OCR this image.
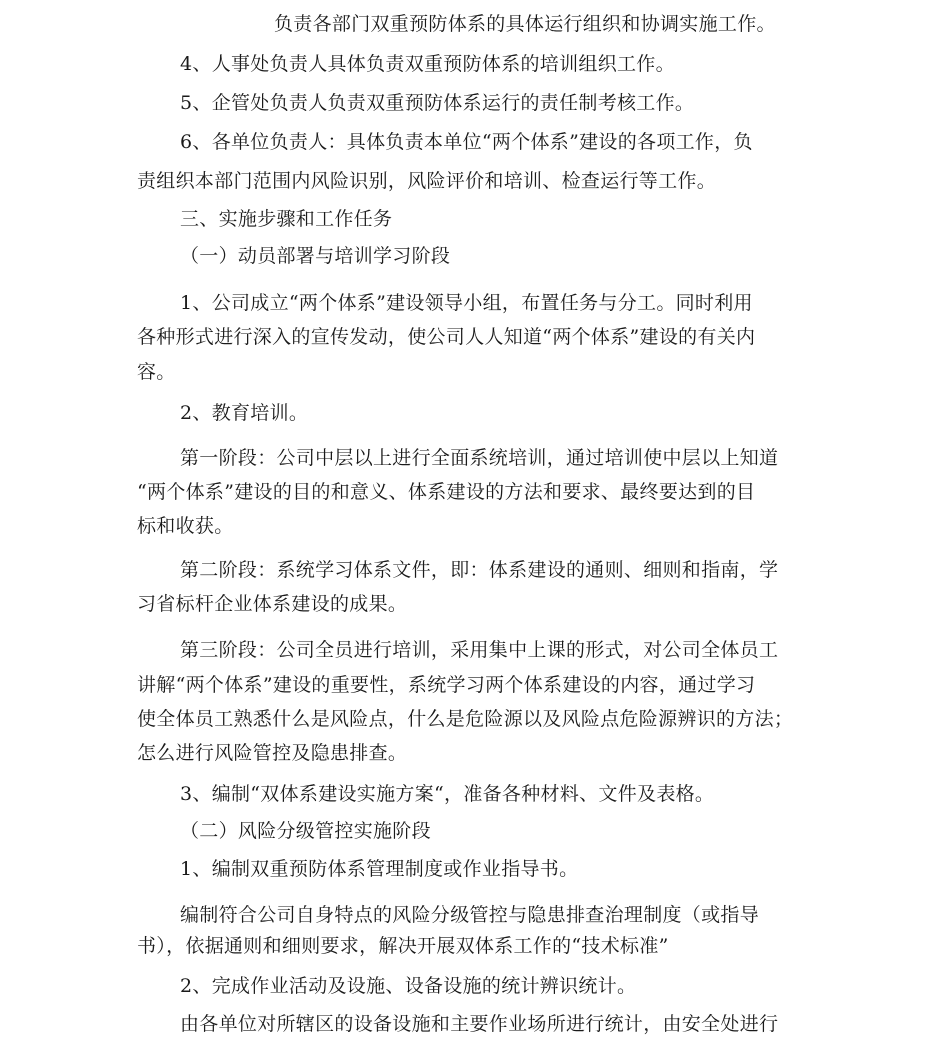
负责各部门双重预防体系的具体运行组织和协调实施工作。
4、人事处负责人具体负责双重预防体系的培训组织工作。
5、企管处负责人负责双重预防体系运行的责任制考核工作。
6、各单位负责人：具体负责本单位“两个体系”建设的各项工作，负
责组织本部门范围内风险识别，风险评价和培训、检查运行等工作。
三、实施步骤和工作任务
（一）动员部署与培训学习阶段
1、公司成立“两个体系”建设领导小组，布置任务与分工。同时利用
各种形式进行深入的宣传发动，使公司人人知道“两个体系”建设的有关内
容。
2、教育培训。
第一阶段：公司中层以上进行全面系统培训，通过培训使中层以上知道
“两个体系”建设的目的和意义、体系建设的方法和要求、最终要达到的目
标和收获。
第二阶段：系统学习体系文件，即：体系建设的通则、细则和指南，学
习省标杆企业体系建设的成果。
第三阶段：公司全员进行培训，采用集中上课的形式，对公司全体员工
讲解“两个体系”建设的重要性，系统学习两个体系建设的内容，通过学习
使全体员工熟悉什么是风险点，什么是危险源以及风险点危险源辨识的方法；
怎么进行风险管控及隐患排查。
3、编制“双体系建设实施方案“，准备各种材料、文件及表格。
（二）风险分级管控实施阶段
1、编制双重预防体系管理制度或作业指导书。
编制符合公司自身特点的风险分级管控与隐患排查治理制度（或指导
书），依据通则和细则要求，解决开展双体系工作的“技术标准”
2、完成作业活动及设施、设备设施的统计辨识统计。
由各单位对所辖区的设备设施和主要作业场所进行统计，由安全处进行
